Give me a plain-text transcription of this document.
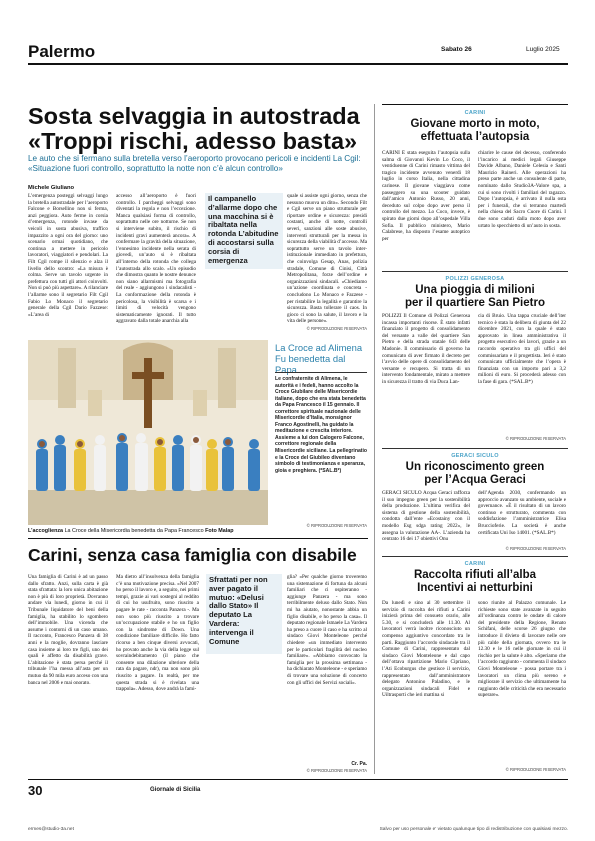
Palermo	Sabato 26	Luglio 2025
Sosta selvaggia in autostrada
«Troppi rischi, adesso basta»
Le auto che si fermano sulla bretella verso l’aeroporto provocano pericoli e incidenti La Cgil: «Situazione fuori controllo, soprattutto la notte non c’è alcun controllo»
Michele Giuliano
L’emergenza posteggi selvaggi lungo la bretella autostradale per l’aeroporto Falcone e Borsellino non si ferma, anzi peggiora. Auto ferme in corsia d’emergenza, rotonde invase da veicoli in sosta abusiva, traffico impazzito a ogni ora del giorno: uno scenario ormai quotidiano, che continua a mettere in pericolo lavoratori, viaggiatori e pendolari. La Filt Cgil rompe il silenzio e alza il livello dello scontro: «La misura è colma. Serve un tavolo urgente in prefettura con tutti gli attori coinvolti. Non si può più aspettare». A rilanciare l’allarme sono il segretario Filt Cgil Fabio Lo Monaco il segretario generale della Cgil Dario Fazzese: «L’area di
accesso all’aeroporto è fuori controllo. I parcheggi selvaggi sono diventati la regola e non l’eccezione. Manca qualsiasi forma di controllo, soprattutto nelle ore notturne. Se non si interviene subito, il rischio di incidenti gravi aumenterà ancora». A confermare la gravità della situazione, l’ennesimo incidente nella serata di giovedì, un’auto si è ribaltata all’interno della rotonda che collega l’autostrada allo scalo. «Un episodio che dimostra quanto le nostre denunce non siano allarmismi ma fotografia del reale - aggiungono i sindacalisti - La conformazione della rotonda è pericolosa, la visibilità è scarsa e i limiti di velocità vengono sistematicamente ignorati. Il tutto aggravato dalla totale anarchia alla
Il campanello d’allarme dopo che una macchina si è ribaltata nella rotonda L’abitudine di accostarsi sulla corsia di emergenza
quale si assiste ogni giorno, senza che nessuno muova un dito». Secondo Filt e Cgil serve un piano strutturale per riportare ordine e sicurezza: presidi costanti, anche di notte, controlli severi, sanzioni alle soste abusive, interventi strutturali per la messa in sicurezza della viabilità d’accesso. Ma soprattutto serve un tavolo inter-istituzionale immediato in prefettura, che coinvolga Gesap, Anas, polizia stradale, Comune di Cinisi, Città Metropolitana, forze dell’ordine e organizzazioni sindacali. «Chiediamo un’azione coordinata e concreta - concludono Lo Monaco e Fazzese - per ristabilire la legalità e garantire la sicurezza. Basta tollerare il caos. In gioco ci sono la salute, il lavoro e la vita delle persone».
© RIPRODUZIONE RISERVATA
L’accoglienza La Croce della Misericordia benedetta da Papa Francesco Foto Malap
La Croce ad Alimena
Fu benedetta dal Papa
Le confraternite di Alimena, le autorità e i fedeli, hanno accolto la Croce Giubilare delle Misericordie italiane, dopo che era stata benedetta da Papa Francesco il 15 gennaio. Il correttore spirituale nazionale delle Misericordie d’Italia, monsignor Franco Agostinelli, ha guidato la meditazione e crescita interiore. Assieme a lui don Calogero Falcone, correttore regionale della Misericordie siciliane. La pellegrinatio e la Croce del Giubileo diventano simbolo di testimonianza e speranza, gioia e preghiera. (*SAL.B*)
© RIPRODUZIONE RISERVATA
Carini, senza casa famiglia con disabile
Una famiglia di Carini è ad un passo dallo sfratto. Anzi, sulla carta è già stata sfrattata: la loro unica abitazione non è più di loro proprietà. Dovranno andare via lunedì, giorno in cui il Tribunale liquidatore del beni della famiglia, ha stabilito lo sgombero dell’immobile. Una vicenda che assume i contorni di un caso umano. Il racconto, Francesco Panzera di 38 anni e la moglie, dovranno lasciare casa insieme ai loro tre figli, uno dei quali è affetto da disabilità grave. L’abitazione è stata persa perché il tribunale l’ha messa all’asta per un mutuo da 90 mila euro acceso con una banca nel 2006 e mai onorato.
Ma dietro all’insolvenza della famiglia c’è una motivazione precisa. «Nel 2007 ho perso il lavoro e, a seguito, nei primi tempi, grazie ai vari sostegni al reddito di cui ho usufruito, sono riuscito a pagare le rate - racconta Panzera -. Ma non sono più riuscito a trovare un’occupazione stabile e ho un figlio con la sindrome di Down. Una condizione familiare difficile. Ho fatto ricorso a ben cinque diversi avvocati, ho provato anche la via della legge sul sovraindebitamento (il piano che consente una dilazione ulteriore della rata da pagare, ndr), ma non sono più riuscito a pagare. In realtà, per me questa strada si è rivelata una trappola». Adesso, dove andrà la fami-
Sfrattati per non aver pagato il mutuo: «Delusi dallo Stato» Il deputato La Vardera: intervenga il Comune
glia? «Per qualche giorno troveremo una sistemazione di fortuna da alcuni familiari che ci ospiteranno - aggiunge Panzera - ma sono terribilmente deluso dallo Stato. Non mi ha aiutato, nonostante abbia un figlio disabile, e ho perso la casa». Il deputato regionale Ismaele La Vardera ha preso a cuore il caso e ha scritto al sindaco Giovi Monteleone perché chiedere «un immediato intervento per le particolari fragilità del nucleo familiare». «Abbiamo convocato la famiglia per la prossima settimana - ha dichiarato Monteleone - e speriamo di trovare una soluzione di concerto con gli uffici dei Servizi sociali».
Cr. Pa.
© RIPRODUZIONE RISERVATA
CARINI
Giovane morto in moto,
effettuata l’autopsia
CARINI È stata eseguita l’autopsia sulla salma di Giovanni Kevin Lo Coco, il ventiduenne di Carini rimasto vittima del tragico incidente avvenuto venerdì 18 luglio in corso Italia, nella cittadina carinese. Il giovane viaggiava come passeggero su una scooter guidato dall’amico Antonio Russo, 20 anni, deceduto sul colpo dopo aver perso il controllo del mezzo. Lo Coco, invece, è spirato due giorni dopo all’ospedale Villa Sofia. Il pubblico ministero, Mario Calabrese, ha disposto l’esame autoptico per
chiarire le cause del decesso, conferendo l’incarico ai medici legali Giuseppe Davide Albano, Daniele Celesia e Santi Maurizio Raineri. Alle operazioni ha preso parte anche un consulente di parte, nominato dallo Studio3A-Valore spa, a cui si sono rivolti i familiari del ragazzo. Dopo l’autopsia, è arrivato il nulla osta per i funerali, che si terranno martedì nella chiesa del Sacro Cuore di Carini. I due sono caduti dalla moto dopo aver urtato lo specchietto di un’auto in sosta.
POLIZZI GENEROSA
Una pioggia di milioni
per il quartiere San Pietro
POLIZZI Il Comune di Polizzi Generosa incassa importanti risorse. È stato infatti finanziato il progetto di consolidamento del versante a valle del quartiere San Pietro e della strada statale 643 delle Madonie. Il commissario di governo ha comunicato di aver firmato il decreto per l’avvio delle opere di consolidamento del versante e recupero. Si tratta di un intervento fondamentale, mirato a mettere in sicurezza il tratto di via Duca Lan-
cia di Bruio. Una tappa cruciale dell’iter tecnico è stata la delibera di giunta del 22 dicembre 2021, con la quale è stato approvato in linea amministrativa il progetto esecutivo dei lavori, grazie a un raccordo operativo tra gli uffici del commissariato e il progettista. Ieri è stato comunicato ufficialmente che l’opera è finanziata con un importo pari a 3,2 milioni di euro. Si procederà adesso con la fase di gara. (*SAL.B*)
© RIPRODUZIONE RISERVATA
GERACI SICULO
Un riconoscimento green
per l’Acqua Geraci
GERACI SICULO Acqua Geraci rafforza il suo impegno green per la sostenibilità della produzione. L’ultima verifica del sistema di gestione della sostenibilità, condotta dall’ente «Ecostainy con il modello Esg sdga rating 2022», le assegna la valutazione AA-. L’azienda ha centrato 16 dei 17 obiettivi Onu
dell’Agenda 2030, confermando un approccio avanzato su ambiente, sociale e governance. «È il risultato di un lavoro continuo e strutturato, commenta con soddisfazione l’amministratrice Elisa Bruccioferie. La società è anche certificata Uni Iso 14001. (*SAL.B*)
© RIPRODUZIONE RISERVATA
CARINI
Raccolta rifiuti all’alba
Incentivi ai netturbini
Da lunedì e sino al 30 settembre il servizio di raccolta dei rifiuti a Carini inizierà prima del consueto orario, alle 5.30, e si concluderà alle 11.30. Al lavoratori verrà inoltre riconosciuto un compenso aggiuntivo concordato tra le parti. Raggiunto l’accordo sindacale tra il Comune di Carini, rappresentato dal sindaco Giovi Monteleone e dal capo dell’ottava ripartizione Mario Cipriano, l’Ati Ecoburgus che gestisce il servizio, rappresentato dall’amministratore delegato Antonino Paladino, e le organizzazioni sindacali Fidel e Uiltrasporti che ieri mattina si
sono riunite al Palazzo comunale. Le richieste sono state avanzate in seguito all’ordinanza contro le ondate di calore del presidente della Regione, Renato Schifani, delle scorse 26 giugno che introduce il divieto di lavorare nelle ore più calde della giornata, ovvero tra le 12.30 e le 16 nelle giornate in cui il rischio per la salute è alto. «Speriamo che l’accordo raggiunto - commenta il sindaco Giovi Monteleone - possa portare tra i lavoratori un clima più sereno e migliorare il servizio che ultimamente ha raggiunto delle criticità che era necessario superare».
© RIPRODUZIONE RISERVATA
30	Giornale di Sicilia
ermes@studio-3a.net	Salvo per uso personale e' vietato qualunque tipo di redistribuzione con qualsiasi mezzo.
